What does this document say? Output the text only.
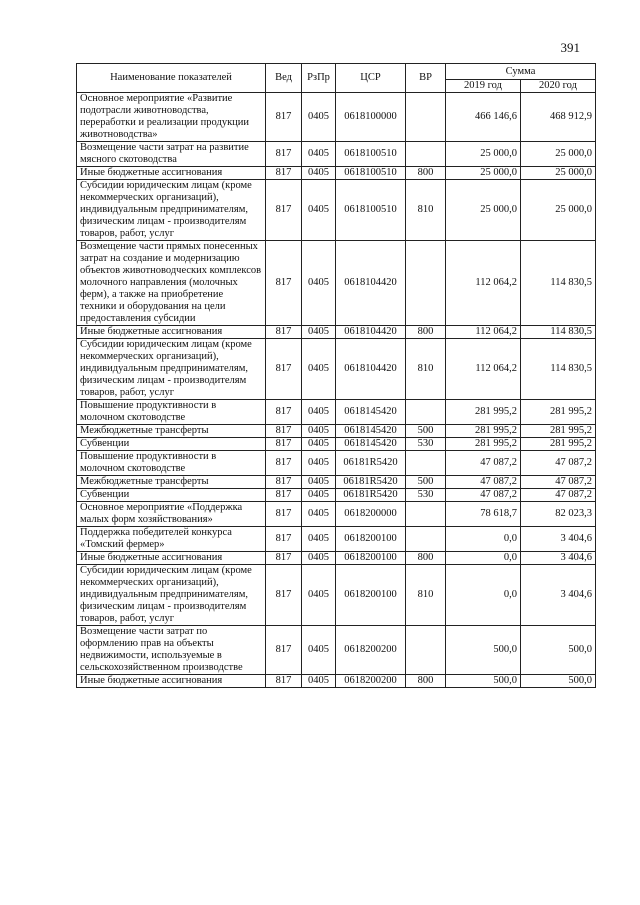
391
Наименование показателей	Вед	РзПр	ЦСР	ВР	Сумма	
					2019 год	2020 год
Основное мероприятие «Развитие подотрасли животноводства, переработки и реализации продукции животноводства»	817	0405	0618100000		466 146,6	468 912,9
Возмещение части затрат на развитие мясного скотоводства	817	0405	0618100510		25 000,0	25 000,0
Иные бюджетные ассигнования	817	0405	0618100510	800	25 000,0	25 000,0
Субсидии юридическим лицам (кроме некоммерческих организаций), индивидуальным предпринимателям, физическим лицам - производителям товаров, работ, услуг	817	0405	0618100510	810	25 000,0	25 000,0
Возмещение части прямых понесенных затрат на создание и модернизацию объектов животноводческих комплексов молочного направления (молочных ферм), а также на приобретение техники и оборудования на цели предоставления субсидии	817	0405	0618104420		112 064,2	114 830,5
Иные бюджетные ассигнования	817	0405	0618104420	800	112 064,2	114 830,5
Субсидии юридическим лицам (кроме некоммерческих организаций), индивидуальным предпринимателям, физическим лицам - производителям товаров, работ, услуг	817	0405	0618104420	810	112 064,2	114 830,5
Повышение продуктивности в молочном скотоводстве	817	0405	0618145420		281 995,2	281 995,2
Межбюджетные трансферты	817	0405	0618145420	500	281 995,2	281 995,2
Субвенции	817	0405	0618145420	530	281 995,2	281 995,2
Повышение продуктивности в молочном скотоводстве	817	0405	06181R5420		47 087,2	47 087,2
Межбюджетные трансферты	817	0405	06181R5420	500	47 087,2	47 087,2
Субвенции	817	0405	06181R5420	530	47 087,2	47 087,2
Основное мероприятие «Поддержка малых форм хозяйствования»	817	0405	0618200000		78 618,7	82 023,3
Поддержка победителей конкурса «Томский фермер»	817	0405	0618200100		0,0	3 404,6
Иные бюджетные ассигнования	817	0405	0618200100	800	0,0	3 404,6
Субсидии юридическим лицам (кроме некоммерческих организаций), индивидуальным предпринимателям, физическим лицам - производителям товаров, работ, услуг	817	0405	0618200100	810	0,0	3 404,6
Возмещение части затрат по оформлению прав на объекты недвижимости, используемые в сельскохозяйственном производстве	817	0405	0618200200		500,0	500,0
Иные бюджетные ассигнования	817	0405	0618200200	800	500,0	500,0
